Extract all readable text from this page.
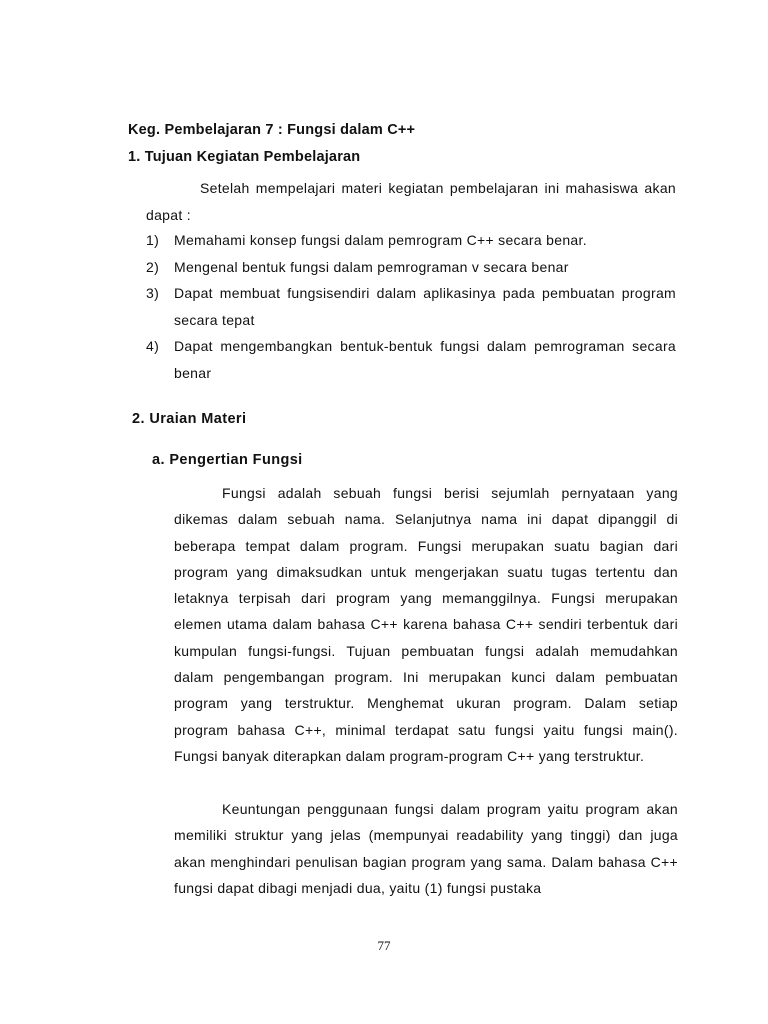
Keg. Pembelajaran 7 : Fungsi dalam C++
1. Tujuan Kegiatan Pembelajaran
Setelah mempelajari materi kegiatan pembelajaran ini mahasiswa akan dapat :
1) Memahami konsep fungsi dalam pemrogram C++ secara benar.
2) Mengenal bentuk fungsi dalam pemrograman v secara benar
3) Dapat membuat fungsisendiri dalam aplikasinya pada pembuatan program secara tepat
4) Dapat mengembangkan bentuk-bentuk fungsi dalam pemrograman secara benar
2. Uraian Materi
a. Pengertian Fungsi
Fungsi adalah sebuah fungsi berisi sejumlah pernyataan yang dikemas dalam sebuah nama. Selanjutnya nama ini dapat dipanggil di beberapa tempat dalam program. Fungsi merupakan suatu bagian dari program yang dimaksudkan untuk mengerjakan suatu tugas tertentu dan letaknya terpisah dari program yang memanggilnya. Fungsi merupakan elemen utama dalam bahasa C++ karena bahasa C++ sendiri terbentuk dari kumpulan fungsi-fungsi. Tujuan pembuatan fungsi adalah memudahkan dalam pengembangan program. Ini merupakan kunci dalam pembuatan program yang terstruktur. Menghemat ukuran program. Dalam setiap program bahasa C++, minimal terdapat satu fungsi yaitu fungsi main(). Fungsi banyak diterapkan dalam program-program C++ yang terstruktur.
Keuntungan penggunaan fungsi dalam program yaitu program akan memiliki struktur yang jelas (mempunyai readability yang tinggi) dan juga akan menghindari penulisan bagian program yang sama. Dalam bahasa C++ fungsi dapat dibagi menjadi dua, yaitu (1) fungsi pustaka
77
